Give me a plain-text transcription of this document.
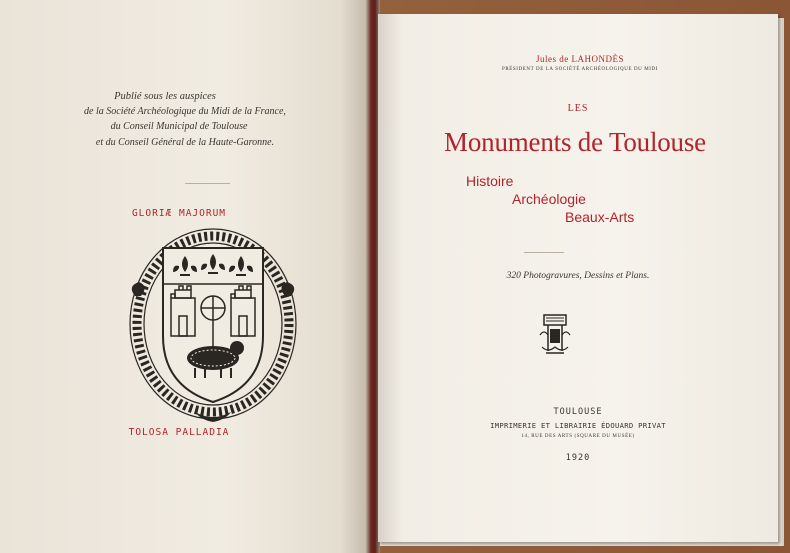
Publié sous les auspices
de la Société Archéologique du Midi de la France,
du Conseil Municipal de Toulouse
et du Conseil Général de la Haute-Garonne.
GLORIÆ MAJORUM
TOLOSA PALLADIA
Jules de LAHONDÈS
PRÉSIDENT DE LA SOCIÉTÉ ARCHÉOLOGIQUE DU MIDI
LES
Monuments de Toulouse
Histoire
Archéologie
Beaux-Arts
320 Photogravures, Dessins et Plans.
TOULOUSE
IMPRIMERIE ET LIBRAIRIE ÉDOUARD PRIVAT
14, RUE DES ARTS (SQUARE DU MUSÉE)
1920
